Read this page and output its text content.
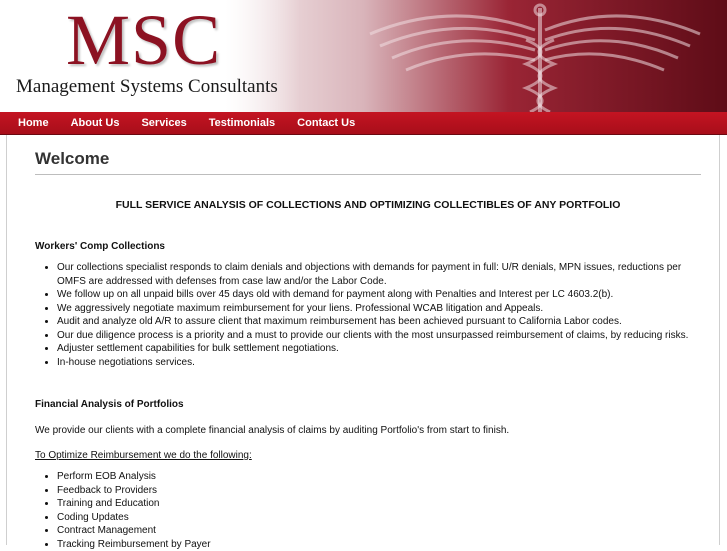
MSC
Management Systems Consultants
Home	About Us	Services	Testimonials	Contact Us
Welcome
FULL SERVICE ANALYSIS OF COLLECTIONS AND OPTIMIZING COLLECTIBLES OF ANY PORTFOLIO
Workers' Comp Collections
• Our collections specialist responds to claim denials and objections with demands for payment in full: U/R denials, MPN issues, reductions per OMFS are addressed with defenses from case law and/or the Labor Code.
• We follow up on all unpaid bills over 45 days old with demand for payment along with Penalties and Interest per LC 4603.2(b).
• We aggressively negotiate maximum reimbursement for your liens. Professional WCAB litigation and Appeals.
• Audit and analyze old A/R to assure client that maximum reimbursement has been achieved pursuant to California Labor codes.
• Our due diligence process is a priority and a must to provide our clients with the most unsurpassed reimbursement of claims, by reducing risks.
• Adjuster settlement capabilities for bulk settlement negotiations.
• In-house negotiations services.
Financial Analysis of Portfolios

We provide our clients with a complete financial analysis of claims by auditing Portfolio's from start to finish.

To Optimize Reimbursement we do the following:

• Perform EOB Analysis
• Feedback to Providers
• Training and Education
• Coding Updates
• Contract Management
• Tracking Reimbursement by Payer
